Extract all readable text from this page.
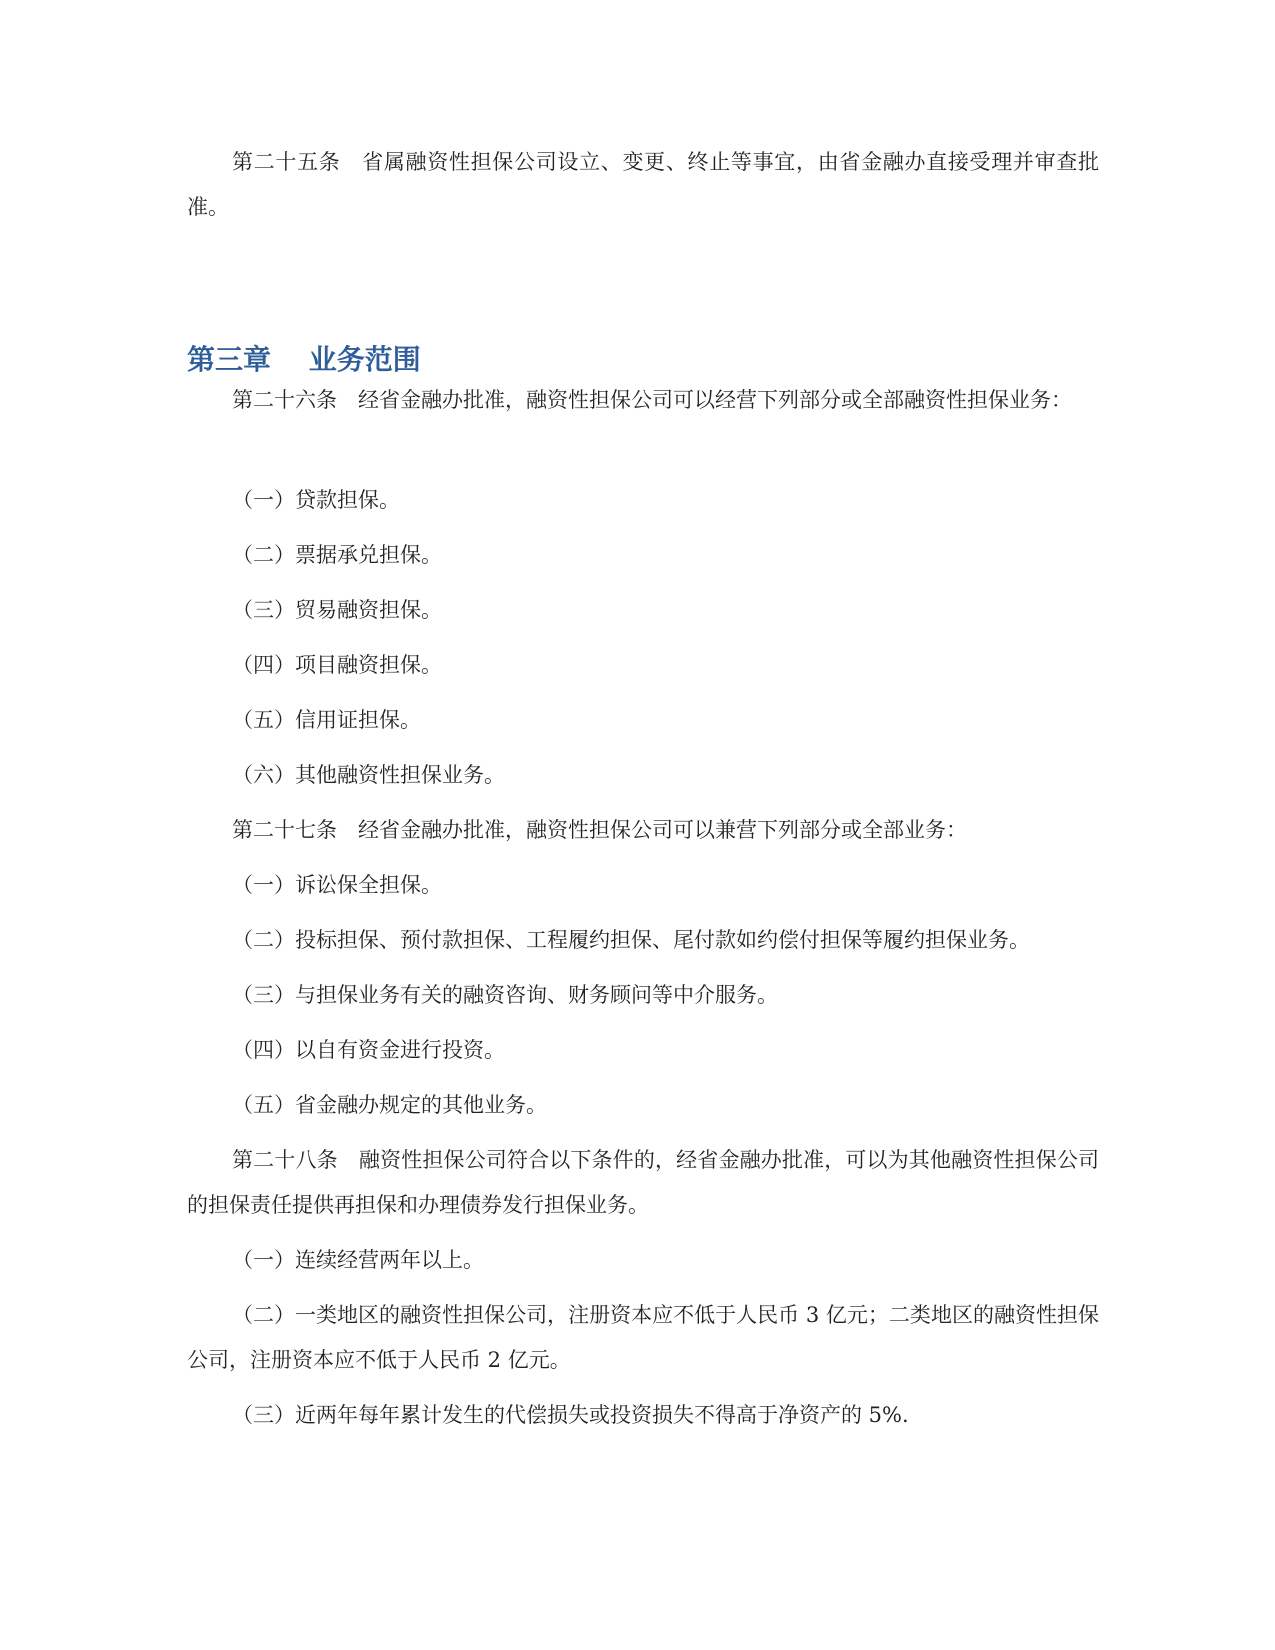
第二十五条　省属融资性担保公司设立、变更、终止等事宜，由省金融办直接受理并审查批准。

第三章　 业务范围

第二十六条　经省金融办批准，融资性担保公司可以经营下列部分或全部融资性担保业务：

（一）贷款担保。

（二）票据承兑担保。

（三）贸易融资担保。

（四）项目融资担保。

（五）信用证担保。

（六）其他融资性担保业务。

第二十七条　经省金融办批准，融资性担保公司可以兼营下列部分或全部业务：

（一）诉讼保全担保。

（二）投标担保、预付款担保、工程履约担保、尾付款如约偿付担保等履约担保业务。

（三）与担保业务有关的融资咨询、财务顾问等中介服务。

（四）以自有资金进行投资。

（五）省金融办规定的其他业务。

第二十八条　融资性担保公司符合以下条件的，经省金融办批准，可以为其他融资性担保公司的担保责任提供再担保和办理债券发行担保业务。

（一）连续经营两年以上。

（二）一类地区的融资性担保公司，注册资本应不低于人民币 3 亿元；二类地区的融资性担保公司，注册资本应不低于人民币 2 亿元。

（三）近两年每年累计发生的代偿损失或投资损失不得高于净资产的 5%.
